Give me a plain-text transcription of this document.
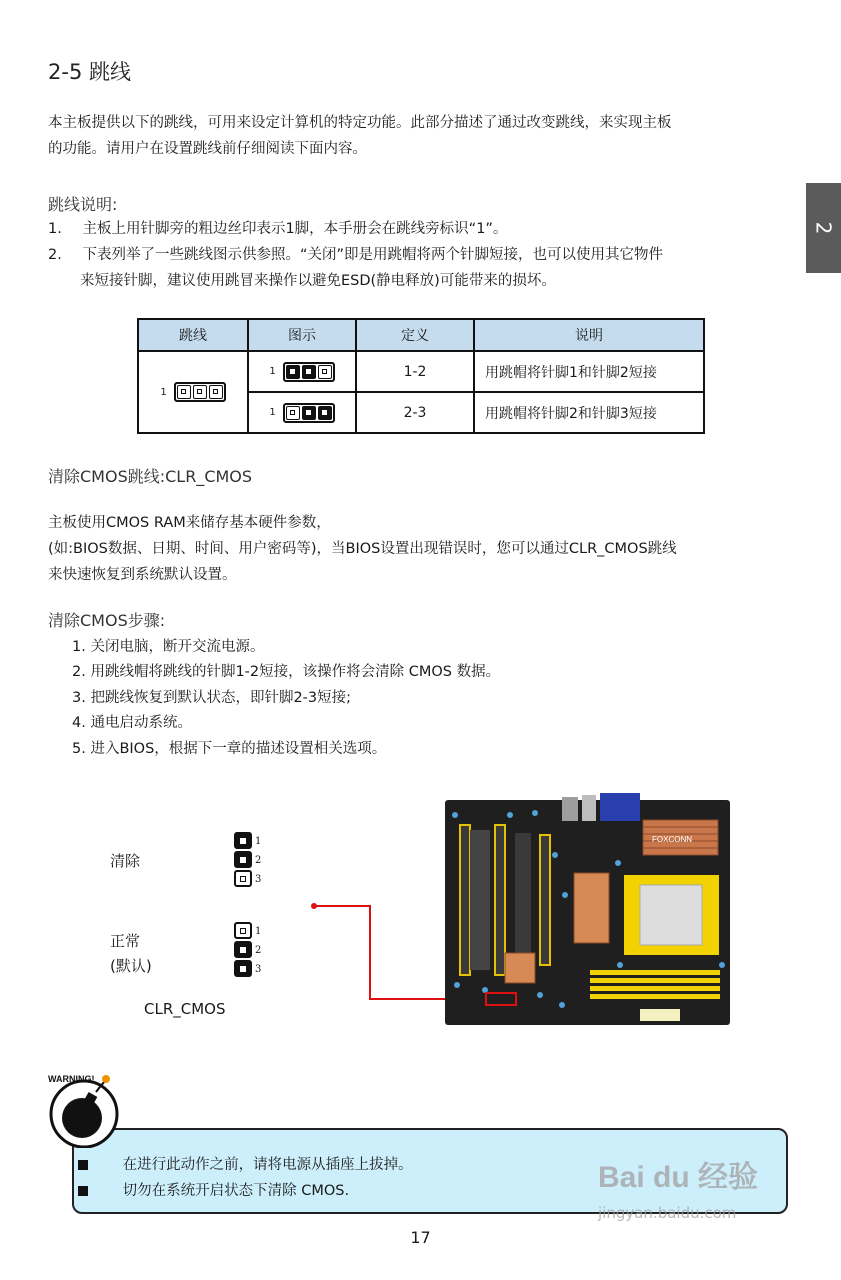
2-5 跳线
本主板提供以下的跳线，可用来设定计算机的特定功能。此部分描述了通过改变跳线，来实现主板
的功能。请用户在设置跳线前仔细阅读下面内容。
2
跳线说明:
1. 主板上用针脚旁的粗边丝印表示1脚，本手册会在跳线旁标识“1”。
2. 下表列举了一些跳线图示供参照。“关闭”即是用跳帽将两个针脚短接，也可以使用其它物件
来短接针脚，建议使用跳冒来操作以避免ESD(静电释放)可能带来的损坏。
跳线	图示	定义	说明

1	1	1-2	用跳帽将针脚1和针脚2短接

	1	2-3	用跳帽将针脚2和针脚3短接
清除CMOS跳线:CLR_CMOS
主板使用CMOS RAM来储存基本硬件参数，
(如:BIOS数据、日期、时间、用户密码等)，当BIOS设置出现错误时，您可以通过CLR_CMOS跳线
来快速恢复到系统默认设置。
清除CMOS步骤:
1. 关闭电脑，断开交流电源。
2. 用跳线帽将跳线的针脚1-2短接，该操作将会清除 CMOS 数据。
3. 把跳线恢复到默认状态，即针脚2-3短接;
4. 通电启动系统。
5. 进入BIOS，根据下一章的描述设置相关选项。
清除
1
2
3
正常
(默认)
1
2
3
CLR_CMOS
FOXCONN
WARNING!
在进行此动作之前，请将电源从插座上拔掉。
切勿在系统开启状态下清除 CMOS.	Bai du 经验
jingyan.baidu.com
17
